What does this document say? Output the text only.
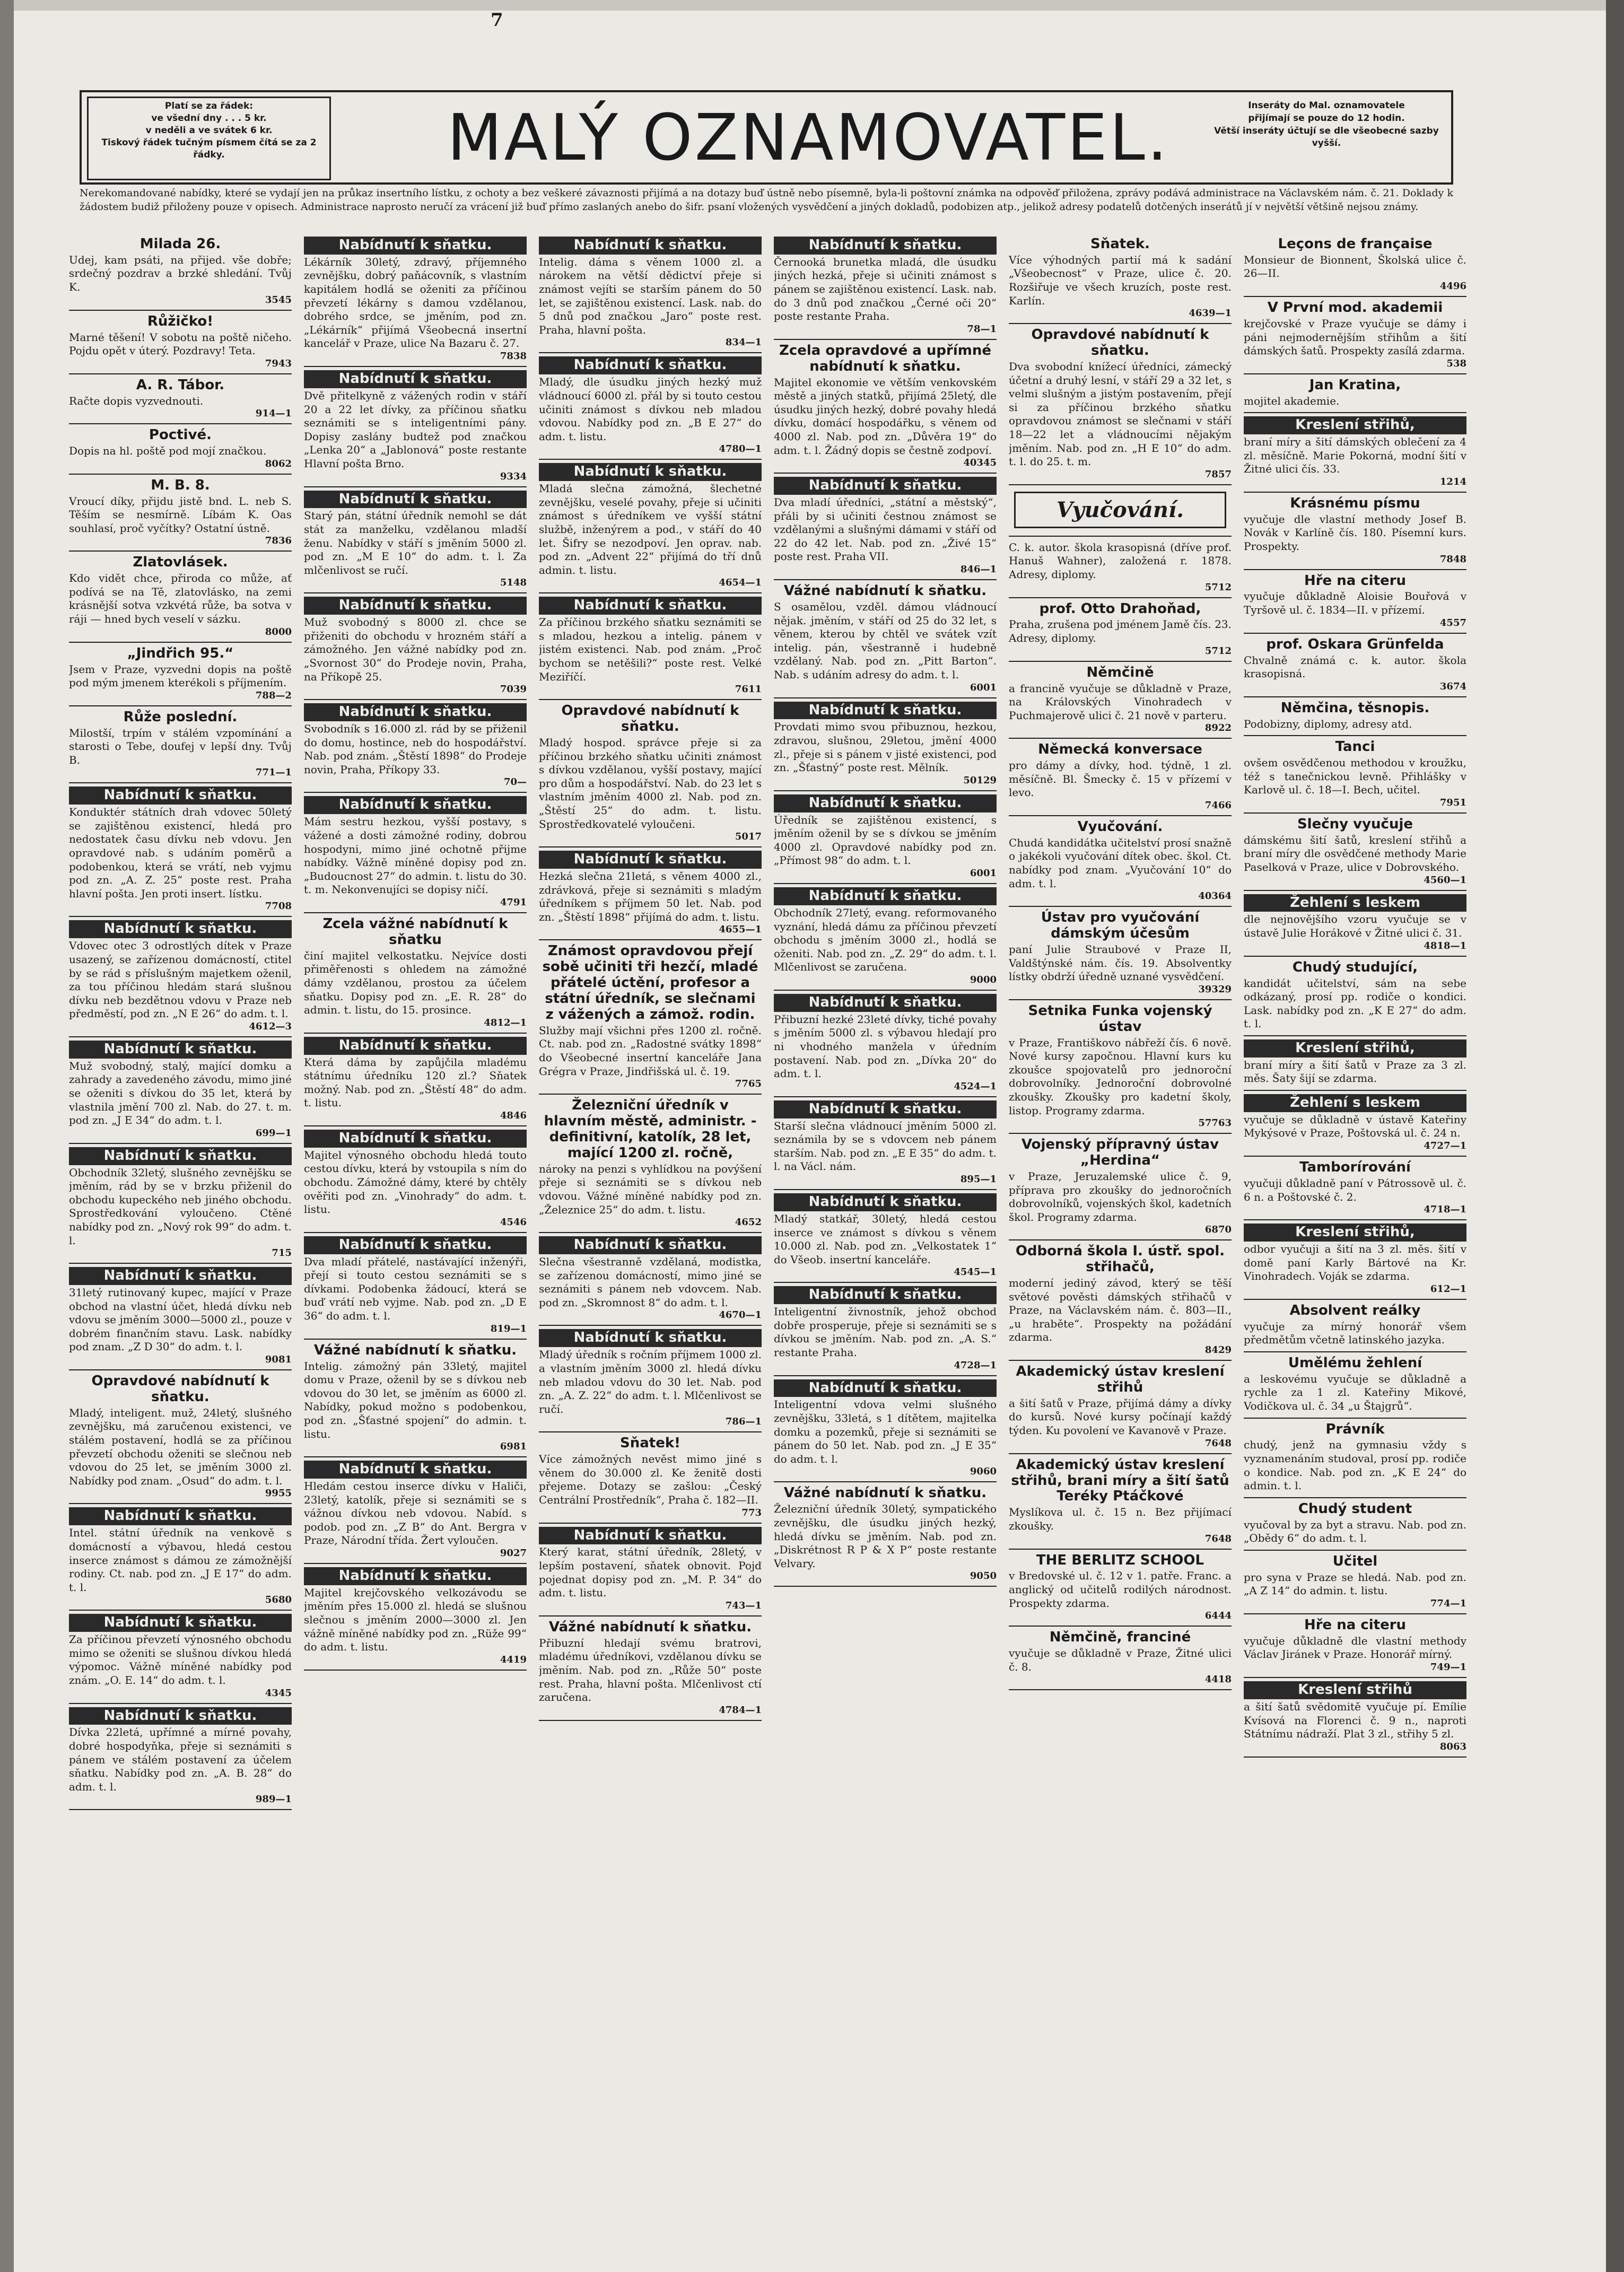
7
Platí se za řádek:
ve všední dny . . . 5 kr.
v neděli a ve svátek 6 kr.
Tiskový řádek tučným písmem čítá se za 2 řádky.	MALÝ OZNAMOVATEL.	Inseráty do Mal. oznamovatele
přijímají se pouze do 12 hodin.
Větší inseráty účtují se dle všeobecné sazby vyšší.
Nerekomandované nabídky, které se vydají jen na průkaz insertního lístku, z ochoty a bez veškeré závaznosti přijímá a na dotazy buď ústně nebo písemně, byla-li poštovní známka na odpověď přiložena, zprávy podává administrace na Václavském nám. č. 21. Doklady k žádostem budiž přiloženy pouze v opisech. Administrace naprosto neručí za vrácení již buď přímo zaslaných anebo do šifr. psaní vložených vysvědčení a jiných dokladů, podobizen atp., jelikož adresy podatelů dotčených inserátů jí v největší většině nejsou známy.
Milada 26.
Udej, kam psáti, na přijed. vše dobře; srdečný pozdrav a brzké shledání. Tvůj K.
3545
Růžičko!
Marné těšení! V sobotu na poště ničeho. Pojdu opět v úterý. Pozdravy! Teta.
7943
A. R. Tábor.
Račte dopis vyzvednouti.
914—1
Poctivé.
Dopis na hl. poště pod mojí značkou.
8062
M. B. 8.
Vroucí díky, přijdu jistě bnd. L. neb S. Těším se nesmírně. Líbám K. Oas souhlasí, proč vyčítky? Ostatní ústně.
7836
Zlatovlásek.
Kdo vidět chce, přiroda co může, ať podívá se na Tě, zlatovlásko, na zemi krásnější sotva vzkvétá růže, ba sotva v ráji — hned bych veselí v sázku.
8000
„Jindřich 95.“
Jsem v Praze, vyzvedni dopis na poště pod mým jmenem kterékoli s příjmením.
788—2
Růže poslední.
Milostší, trpím v stálém vzpomínání a starosti o Tebe, doufej v lepší dny. Tvůj B.
771—1
Nabídnutí k sňatku.
Konduktér státních drah vdovec 50letý se zajištěnou existencí, hledá pro nedostatek času dívku neb vdovu. Jen opravdové nab. s udáním poměrů a podobenkou, která se vrátí, neb vyjmu pod zn. „A. Z. 25“ poste rest. Praha hlavní pošta. Jen proti insert. lístku.
7708
Nabídnutí k sňatku.
Vdovec otec 3 odrostlých dítek v Praze usazený, se zařízenou domácností, ctitel by se rád s příslušným majetkem oženil, za tou příčinou hledám stará slušnou dívku neb bezdětnou vdovu v Praze neb předměstí, pod zn. „N E 26“ do adm. t. l.
4612—3
Nabídnutí k sňatku.
Muž svobodný, stalý, mající domku a zahrady a zavedeného závodu, mimo jiné se oženiti s dívkou do 35 let, která by vlastnila jmění 700 zl. Nab. do 27. t. m. pod zn. „J E 34“ do adm. t. l.
699—1
Nabídnutí k sňatku.
Obchodník 32letý, slušného zevnějšku se jměním, rád by se v brzku přiženil do obchodu kupeckého neb jiného obchodu. Sprostředkování vyloučeno. Ctěné nabídky pod zn. „Nový rok 99“ do adm. t. l.
715
Nabídnutí k sňatku.
31letý rutinovaný kupec, mající v Praze obchod na vlastní účet, hledá dívku neb vdovu se jměním 3000—5000 zl., pouze v dobrém finančním stavu. Lask. nabídky pod znam. „Z D 30“ do adm. t. l.
9081
Opravdové nabídnutí k sňatku.
Mladý, inteligent. muž, 24letý, slušného zevnějšku, má zaručenou existenci, ve stálém postavení, hodlá se za příčinou převzetí obchodu oženiti se slečnou neb vdovou do 25 let, se jměním 3000 zl. Nabídky pod znam. „Osud“ do adm. t. l.
9955
Nabídnutí k sňatku.
Intel. státní úředník na venkově s domácností a výbavou, hledá cestou inserce známost s dámou ze zámožnější rodiny. Ct. nab. pod zn. „J E 17“ do adm. t. l.
5680
Nabídnutí k sňatku.
Za příčinou převzetí výnosného obchodu mimo se oženiti se slušnou dívkou hledá výpomoc. Vážně míněné nabídky pod znám. „O. E. 14“ do adm. t. l.
4345
Nabídnutí k sňatku.
Dívka 22letá, upřímné a mírné povahy, dobré hospodyňka, přeje si seznámiti s pánem ve stálém postavení za účelem sňatku. Nabídky pod zn. „A. B. 28“ do adm. t. l.
989—1
Nabídnutí k sňatku.
Lékárník 30letý, zdravý, příjemného zevnějšku, dobrý paňácovník, s vlastním kapitálem hodlá se oženiti za příčinou převzetí lékárny s damou vzdělanou, dobrého srdce, se jměním, pod zn. „Lékárník“ přijímá Všeobecná insertní kancelář v Praze, ulice Na Bazaru č. 27.
7838
Nabídnutí k sňatku.
Dvě přitelkyně z vážených rodin v stáří 20 a 22 let dívky, za příčinou sňatku seznámiti se s inteligentními pány. Dopisy zaslány budtež pod značkou „Lenka 20“ a „Jablonová“ poste restante Hlavní pošta Brno.
9334
Nabídnutí k sňatku.
Starý pán, státní úředník nemohl se dát stát za manželku, vzdělanou mladší ženu. Nabídky v stáří s jměním 5000 zl. pod zn. „M E 10“ do adm. t. l. Za mlčenlivost se ručí.
5148
Nabídnutí k sňatku.
Muž svobodný s 8000 zl. chce se přiženiti do obchodu v hrozném stáří a zámožného. Jen vážné nabídky pod zn. „Svornost 30“ do Prodeje novin, Praha, na Příkopě 25.
7039
Nabídnutí k sňatku.
Svobodník s 16.000 zl. rád by se přiženil do domu, hostince, neb do hospodářství. Nab. pod znám. „Štěstí 1898“ do Prodeje novin, Praha, Příkopy 33.
70—
Nabídnutí k sňatku.
Mám sestru hezkou, vyšší postavy, s vážené a dosti zámožné rodiny, dobrou hospodyni, mimo jiné ochotně přijme nabídky. Vážně míněné dopisy pod zn. „Budoucnost 27“ do admin. t. listu do 30. t. m. Nekonvenujíci se dopisy ničí.
4791
Zcela vážné nabídnutí k sňatku
činí majitel velkostatku. Nejvíce dosti přiměřenosti s ohledem na zámožné dámy vzdělanou, prostou za účelem sňatku. Dopisy pod zn. „E. R. 28“ do admin. t. listu, do 15. prosince.
4812—1
Nabídnutí k sňatku.
Která dáma by zapůjčila mladému státnímu úředníku 120 zl.? Sňatek možný. Nab. pod zn. „Štěstí 48“ do adm. t. listu.
4846
Nabídnutí k sňatku.
Majitel výnosného obchodu hledá touto cestou dívku, která by vstoupila s ním do obchodu. Zámožné dámy, které by chtěly ověřiti pod zn. „Vinohrady“ do adm. t. listu.
4546
Nabídnutí k sňatku.
Dva mladí přátelé, nastávající inženýři, přejí si touto cestou seznámiti se s dívkami. Podobenka žádoucí, která se buď vrátí neb vyjme. Nab. pod zn. „D E 36“ do adm. t. l.
819—1
Vážné nabídnutí k sňatku.
Intelig. zámožný pán 33letý, majitel domu v Praze, oženil by se s dívkou neb vdovou do 30 let, se jměním as 6000 zl. Nabídky, pokud možno s podobenkou, pod zn. „Šťastné spojení“ do admin. t. listu.
6981
Nabídnutí k sňatku.
Hledám cestou inserce dívku v Haliči, 23letý, katolík, přeje si seznámiti se s vážnou dívkou neb vdovou. Nabíd. s podob. pod zn. „Z B“ do Ant. Bergra v Praze, Národní třída. Žert vyloučen.
9027
Nabídnutí k sňatku.
Majitel krejčovského velkozávodu se jměním přes 15.000 zl. hledá se slušnou slečnou s jměním 2000—3000 zl. Jen vážně míněné nabídky pod zn. „Rüže 99“ do adm. t. listu.
4419
Nabídnutí k sňatku.
Intelig. dáma s věnem 1000 zl. a nárokem na větší dědictví přeje si známost vejíti se starším pánem do 50 let, se zajištěnou existencí. Lask. nab. do 5 dnů pod značkou „Jaro“ poste rest. Praha, hlavní pošta.
834—1
Nabídnutí k sňatku.
Mladý, dle úsudku jiných hezký muž vládnoucí 6000 zl. přál by si touto cestou učiniti známost s dívkou neb mladou vdovou. Nabídky pod zn. „B E 27“ do adm. t. listu.
4780—1
Nabídnutí k sňatku.
Mladá slečna zámožná, šlechetné zevnějšku, veselé povahy, přeje si učiniti známost s úředníkem ve vyšší státní službě, inženýrem a pod., v stáří do 40 let. Šifry se nezodpoví. Jen oprav. nab. pod zn. „Advent 22“ přijímá do tří dnů admin. t. listu.
4654—1
Nabídnutí k sňatku.
Za příčinou brzkého sňatku seznámiti se s mladou, hezkou a intelig. pánem v jistém existenci. Nab. pod znám. „Proč bychom se netěšili?“ poste rest. Velké Meziříčí.
7611
Opravdové nabídnutí k sňatku.
Mladý hospod. správce přeje si za příčinou brzkého sňatku učiniti známost s dívkou vzdělanou, vyšší postavy, mající pro dům a hospodářství. Nab. do 23 let s vlastním jměním 4000 zl. Nab. pod zn. „Štěstí 25“ do adm. t. listu. Sprostředkovatelé vyloučeni.
5017
Nabídnutí k sňatku.
Hezká slečna 21letá, s věnem 4000 zl., zdrávková, přeje si seznámiti s mladým úředníkem s příjmem 50 let. Nab. pod zn. „Štěstí 1898“ přijímá do adm. t. listu.
4655—1
Známost opravdovou přejí sobě učiniti tři hezčí, mladé přátelé úctění, profesor a státní úředník, se slečnami z vážených a zámož. rodin.
Služby mají všichni přes 1200 zl. ročně. Ct. nab. pod zn. „Radostné svátky 1898“ do Všeobecné insertní kanceláře Jana Grégra v Praze, Jindřišská ul. č. 19.
7765
Železniční úředník v hlavním městě, administr. - definitivní, katolík, 28 let, mající 1200 zl. ročně,
nároky na penzi s vyhlídkou na povýšení přeje si seznámiti se s dívkou neb vdovou. Vážné míněné nabídky pod zn. „Železnice 25“ do adm. t. listu.
4652
Nabídnutí k sňatku.
Slečna všestranně vzdělaná, modistka, se zařízenou domácností, mimo jiné se seznámiti s pánem neb vdovcem. Nab. pod zn. „Skromnost 8“ do adm. t. l.
4670—1
Nabídnutí k sňatku.
Mladý úředník s ročním příjmem 1000 zl. a vlastním jměním 3000 zl. hledá dívku neb mladou vdovu do 30 let. Nab. pod zn. „A. Z. 22“ do adm. t. l. Mlčenlivost se ručí.
786—1
Sňatek!
Více zámožných nevěst mimo jiné s věnem do 30.000 zl. Ke ženitě dosti přejeme. Dotazy se zašlou: „Český Centrální Prostředník“, Praha č. 182—II.
773
Nabídnutí k sňatku.
Který karat, státní úředník, 28letý, v lepším postavení, sňatek obnovit. Pojď pojednat dopisy pod zn. „M. P. 34“ do adm. t. listu.
743—1
Vážné nabídnutí k sňatku.
Přibuzní hledají svému bratrovi, mladému úředníkovi, vzdělanou dívku se jměním. Nab. pod zn. „Růže 50“ poste rest. Praha, hlavní pošta. Mlčenlivost ctí zaručena.
4784—1
Nabídnutí k sňatku.
Černooká brunetka mladá, dle úsudku jiných hezká, přeje si učiniti známost s pánem se zajištěnou existencí. Lask. nab. do 3 dnů pod značkou „Černé oči 20“ poste restante Praha.
78—1
Zcela opravdové a upřímné nabídnutí k sňatku.
Majitel ekonomie ve větším venkovském městě a jiných statků, přijímá 25letý, dle úsudku jiných hezký, dobré povahy hledá dívku, domácí hospodářku, s věnem od 4000 zl. Nab. pod zn. „Důvěra 19“ do adm. t. l. Žádný dopis se čestně zodpoví.
40345
Nabídnutí k sňatku.
Dva mladí úředníci, „státní a městský“, přáli by si učiniti čestnou známost se vzdělanými a slušnými dámami v stáří od 22 do 42 let. Nab. pod zn. „Živé 15“ poste rest. Praha VII.
846—1
Vážné nabídnutí k sňatku.
S osamělou, vzděl. dámou vládnoucí nějak. jměním, v stáří od 25 do 32 let, s věnem, kterou by chtěl ve svátek vzít intelig. pán, všestranně i hudebně vzdělaný. Nab. pod zn. „Pitt Barton“. Nab. s udáním adresy do adm. t. l.
6001
Nabídnutí k sňatku.
Provdati mimo svou přibuznou, hezkou, zdravou, slušnou, 29letou, jmění 4000 zl., přeje si s pánem v jisté existenci, pod zn. „Šťastný“ poste rest. Mělník.
50129
Nabídnutí k sňatku.
Úředník se zajištěnou existencí, s jměním oženil by se s dívkou se jměním 4000 zl. Opravdové nabídky pod zn. „Přímost 98“ do adm. t. l.
6001
Nabídnutí k sňatku.
Obchodník 27letý, evang. reformovaného vyznání, hledá dámu za příčinou převzetí obchodu s jměním 3000 zl., hodlá se oženiti. Nab. pod zn. „Z. 29“ do adm. t. l. Mlčenlivost se zaručena.
9000
Nabídnutí k sňatku.
Přibuzní hezké 23leté dívky, tiché povahy s jměním 5000 zl. s výbavou hledají pro ni vhodného manžela v úředním postavení. Nab. pod zn. „Dívka 20“ do adm. t. l.
4524—1
Nabídnutí k sňatku.
Starší slečna vládnoucí jměním 5000 zl. seznámila by se s vdovcem neb pánem starším. Nab. pod zn. „E E 35“ do adm. t. l. na Václ. nám.
895—1
Nabídnutí k sňatku.
Mladý statkář, 30letý, hledá cestou inserce ve známost s dívkou s věnem 10.000 zl. Nab. pod zn. „Velkostatek 1“ do Všeob. insertní kanceláře.
4545—1
Nabídnutí k sňatku.
Inteligentní živnostník, jehož obchod dobře prosperuje, přeje si seznámiti se s dívkou se jměním. Nab. pod zn. „A. S.“ restante Praha.
4728—1
Nabídnutí k sňatku.
Inteligentní vdova velmi slušného zevnějšku, 33letá, s 1 dítětem, majitelka domku a pozemků, přeje si seznámiti se pánem do 50 let. Nab. pod zn. „J E 35“ do adm. t. l.
9060
Vážné nabídnutí k sňatku.
Železniční úředník 30letý, sympatického zevnějšku, dle úsudku jiných hezký, hledá dívku se jměním. Nab. pod zn. „Diskrétnost R P & X P“ poste restante Velvary.
9050
Sňatek.
Více výhodných partií má k sadání „Všeobecnost“ v Praze, ulice č. 20. Rozšiřuje ve všech kruzích, poste rest. Karlín.
4639—1
Opravdové nabídnutí k sňatku.
Dva svobodní knížecí úředníci, zámecký účetní a druhý lesní, v stáří 29 a 32 let, s velmi slušným a jistým postavením, přejí si za příčinou brzkého sňatku opravdovou známost se slečnami v stáří 18—22 let a vládnoucími nějakým jměním. Nab. pod zn. „H E 10“ do adm. t. l. do 25. t. m.
7857
Vyučování.
C. k. autor. škola krasopisná (dříve prof. Hanuš Wahner), založená r. 1878. Adresy, diplomy.
5712
prof. Otto Drahoňad,
Praha, zrušena pod jménem Jamě čís. 23. Adresy, diplomy.
5712
Němčině
a francině vyučuje se důkladně v Praze, na Královských Vinohradech v Puchmajerově ulici č. 21 nově v parteru.
8922
Německá konversace
pro dámy a dívky, hod. týdně, 1 zl. měsíčně. Bl. Šmecky č. 15 v přízemí v levo.
7466
Vyučování.
Chudá kandidátka učitelství prosí snažně o jakékoli vyučování dítek obec. škol. Ct. nabídky pod znam. „Vyučování 10“ do adm. t. l.
40364
Ústav pro vyučování dámským účesům
paní Julie Straubové v Praze II, Valdštýnské nám. čís. 19. Absolventky lístky obdrží úředně uznané vysvědčení.
39329
Setnika Funka vojenský ústav
v Praze, Františkovo nábřeží čís. 6 nově. Nové kursy započnou. Hlavní kurs ku zkoušce spojovatelů pro jednoroční dobrovolníky. Jednoroční dobrovolné zkoušky. Zkoušky pro kadetní školy, listop. Programy zdarma.
57763
Vojenský přípravný ústav „Herdina“
v Praze, Jeruzalemské ulice č. 9, příprava pro zkoušky do jednoročních dobrovolníků, vojenských škol, kadetních škol. Programy zdarma.
6870
Odborná škola I. ústř. spol. střihačů,
moderní jediný závod, který se těší světové pověsti dámských střihačů v Praze, na Václavském nám. č. 803—II., „u hraběte“. Prospekty na požádání zdarma.
8429
Akademický ústav kreslení střihů
a šití šatů v Praze, přijímá dámy a dívky do kursů. Nové kursy počínají každý týden. Ku povolení ve Kavanově v Praze.
7648
Akademický ústav kreslení střihů, brani míry a šití šatů Teréky Ptáčkové
Myslíkova ul. č. 15 n. Bez přijímací zkoušky.
7648
THE BERLITZ SCHOOL
v Bredovské ul. č. 12 v 1. patře. Franc. a anglický od učitelů rodilých národnost. Prospekty zdarma.
6444
Němčině, franciné
vyučuje se důkladně v Praze, Žitné ulici č. 8.
4418
Leçons de française
Monsieur de Bionnent, Školská ulice č. 26—II.
4496
V První mod. akademii
krejčovské v Praze vyučuje se dámy i páni nejmodernějším střihům a šití dámských šatů. Prospekty zasílá zdarma.
538
Jan Kratina,
mojitel akademie.
Kreslení střihů,
braní míry a šití dámských oblečení za 4 zl. měsíčně. Marie Pokorná, modní šití v Žitné ulici čís. 33.
1214
Krásnému písmu
vyučuje dle vlastní methody Josef B. Novák v Karlíně čís. 180. Písemní kurs. Prospekty.
7848
Hře na citeru
vyučuje důkladně Aloisie Bouřová v Tyršově ul. č. 1834—II. v přízemí.
4557
prof. Oskara Grünfelda
Chvalně známá c. k. autor. škola krasopisná.
3674
Němčina, těsnopis.
Podobizny, diplomy, adresy atd.
Tanci
ovšem osvědčenou methodou v kroužku, též s tanečnickou levně. Přihlášky v Karlově ul. č. 18—I. Bech, učitel.
7951
Slečny vyučuje
dámskému šití šatů, kreslení střihů a braní míry dle osvědčené methody Marie Paselková v Praze, ulice v Dobrovského.
4560—1
Žehlení s leskem
dle nejnovějšího vzoru vyučuje se v ústavě Julie Horákové v Žitné ulici č. 31.
4818—1
Chudý studující,
kandidát učitelství, sám na sebe odkázaný, prosí pp. rodiče o kondici. Lask. nabídky pod zn. „K E 27“ do adm. t. l.
Kreslení střihů,
braní míry a šití šatů v Praze za 3 zl. měs. Šaty šijí se zdarma.
Žehlení s leskem
vyučuje se důkladně v ústavě Kateřiny Mykýsové v Praze, Poštovská ul. č. 24 n.
4727—1
Tamborírování
vyučuji důkladně paní v Pátrossově ul. č. 6 n. a Poštovské č. 2.
4718—1
Kreslení střihů,
odbor vyučuji a šití na 3 zl. měs. šití v domě paní Karly Bártové na Kr. Vinohradech. Voják se zdarma.
612—1
Absolvent reálky
vyučuje za mírný honorář všem předmětům včetně latinského jazyka.
Umělému žehlení
a leskovému vyučuje se důkladně a rychle za 1 zl. Kateřiny Mikové, Vodičkova ul. č. 34 „u Štajgrů“.
Právník
chudý, jenž na gymnasiu vždy s vyznamenáním studoval, prosí pp. rodiče o kondice. Nab. pod zn. „K E 24“ do admin. t. l.
Chudý student
vyučoval by za byt a stravu. Nab. pod zn. „Obědy 6“ do adm. t. l.
Učitel
pro syna v Praze se hledá. Nab. pod zn. „A Z 14“ do admin. t. listu.
774—1
Hře na citeru
vyučuje důkladně dle vlastní methody Václav Jiránek v Praze. Honorář mírný.
749—1
Kreslení střihů
a šití šatů svědomitě vyučuje pí. Emílie Kvísová na Florenci č. 9 n., naproti Státnímu nádraží. Plat 3 zl., střihy 5 zl.
8063
